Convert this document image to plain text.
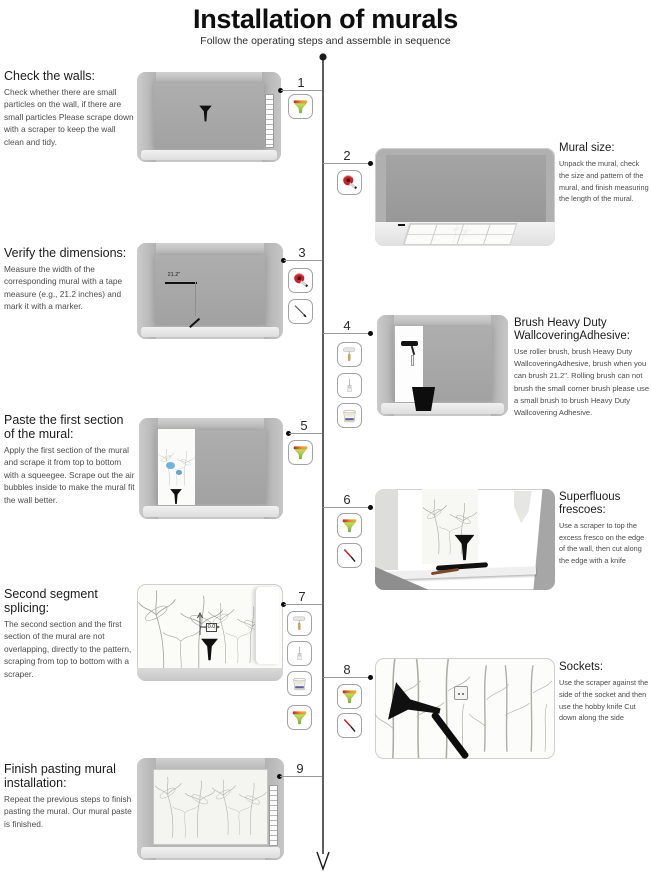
Installation of murals
Follow the operating steps and assemble in sequence
Check the walls:
Check whether there are small particles on the wall, if there are small particles Please scrape down with a scraper to keep the wall clean and tidy.
1
2	Mural size:
Unpack the mural, check the size and pattern of the mural, and finish measuring the length of the mural.
Verify the dimensions:
Measure the width of the corresponding mural with a tape measure (e.g., 21.2 inches) and mark it with a marker.
21.2"
3
4	Brush Heavy Duty WallcoveringAdhesive:
Use roller brush, brush Heavy Duty WallcoveringAdhesive, brush when you can brush 21.2". Rolling brush can not brush the small corner brush please use a small brush to brush Heavy Duty Wallcovering Adhesive.
Paste the first section of the mural:
Apply the first section of the mural and scrape it from top to bottom with a squeegee. Scrape out the air bubbles inside to make the mural fit the wall better.
5
6	Superfluous frescoes:
Use a scraper to top the excess fresco on the edge of the wall, then cut along the edge with a knife
Second segment splicing:
The second section and the first section of the mural are not overlapping, directly to the pattern, scraping from top to bottom with a scraper.
0.0
7
8	Sockets:
Use the scraper against the side of the socket and then use the hobby knife Cut down along the side
Finish pasting mural installation:
Repeat the previous steps to finish pasting the mural. Our mural paste is finished.
9
